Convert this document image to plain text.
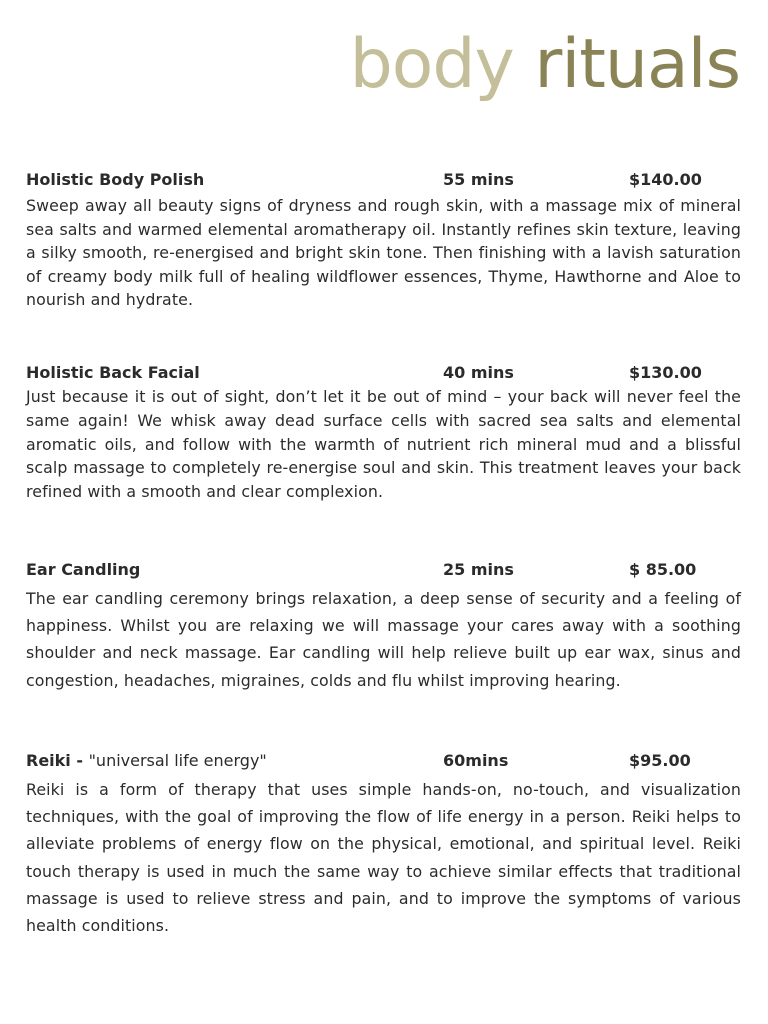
body rituals
Holistic Body Polish	55 mins	$140.00

Sweep away all beauty signs of dryness and rough skin, with a massage mix of mineral sea salts and warmed elemental aromatherapy oil. Instantly refines skin texture, leaving a silky smooth, re-energised and bright skin tone. Then finishing with a lavish saturation of creamy body milk full of healing wildflower essences, Thyme, Hawthorne and Aloe to nourish and hydrate.

Holistic Back Facial	40 mins	$130.00

Just because it is out of sight, don’t let it be out of mind – your back will never feel the same again! We whisk away dead surface cells with sacred sea salts and elemental aromatic oils, and follow with the warmth of nutrient rich mineral mud and a blissful scalp massage to completely re-energise soul and skin. This treatment leaves your back refined with a smooth and clear complexion.

Ear Candling	25 mins	$ 85.00

The ear candling ceremony brings relaxation, a deep sense of security and a feeling of happiness. Whilst you are relaxing we will massage your cares away with a soothing shoulder and neck massage. Ear candling will help relieve built up ear wax, sinus and congestion, headaches, migraines, colds and flu whilst improving hearing.

Reiki - "universal life energy"	60mins	$95.00

Reiki is a form of therapy that uses simple hands-on, no-touch, and visualization techniques, with the goal of improving the flow of life energy in a person. Reiki helps to alleviate problems of energy flow on the physical, emotional, and spiritual level. Reiki touch therapy is used in much the same way to achieve similar effects that traditional massage is used to relieve stress and pain, and to improve the symptoms of various health conditions.
